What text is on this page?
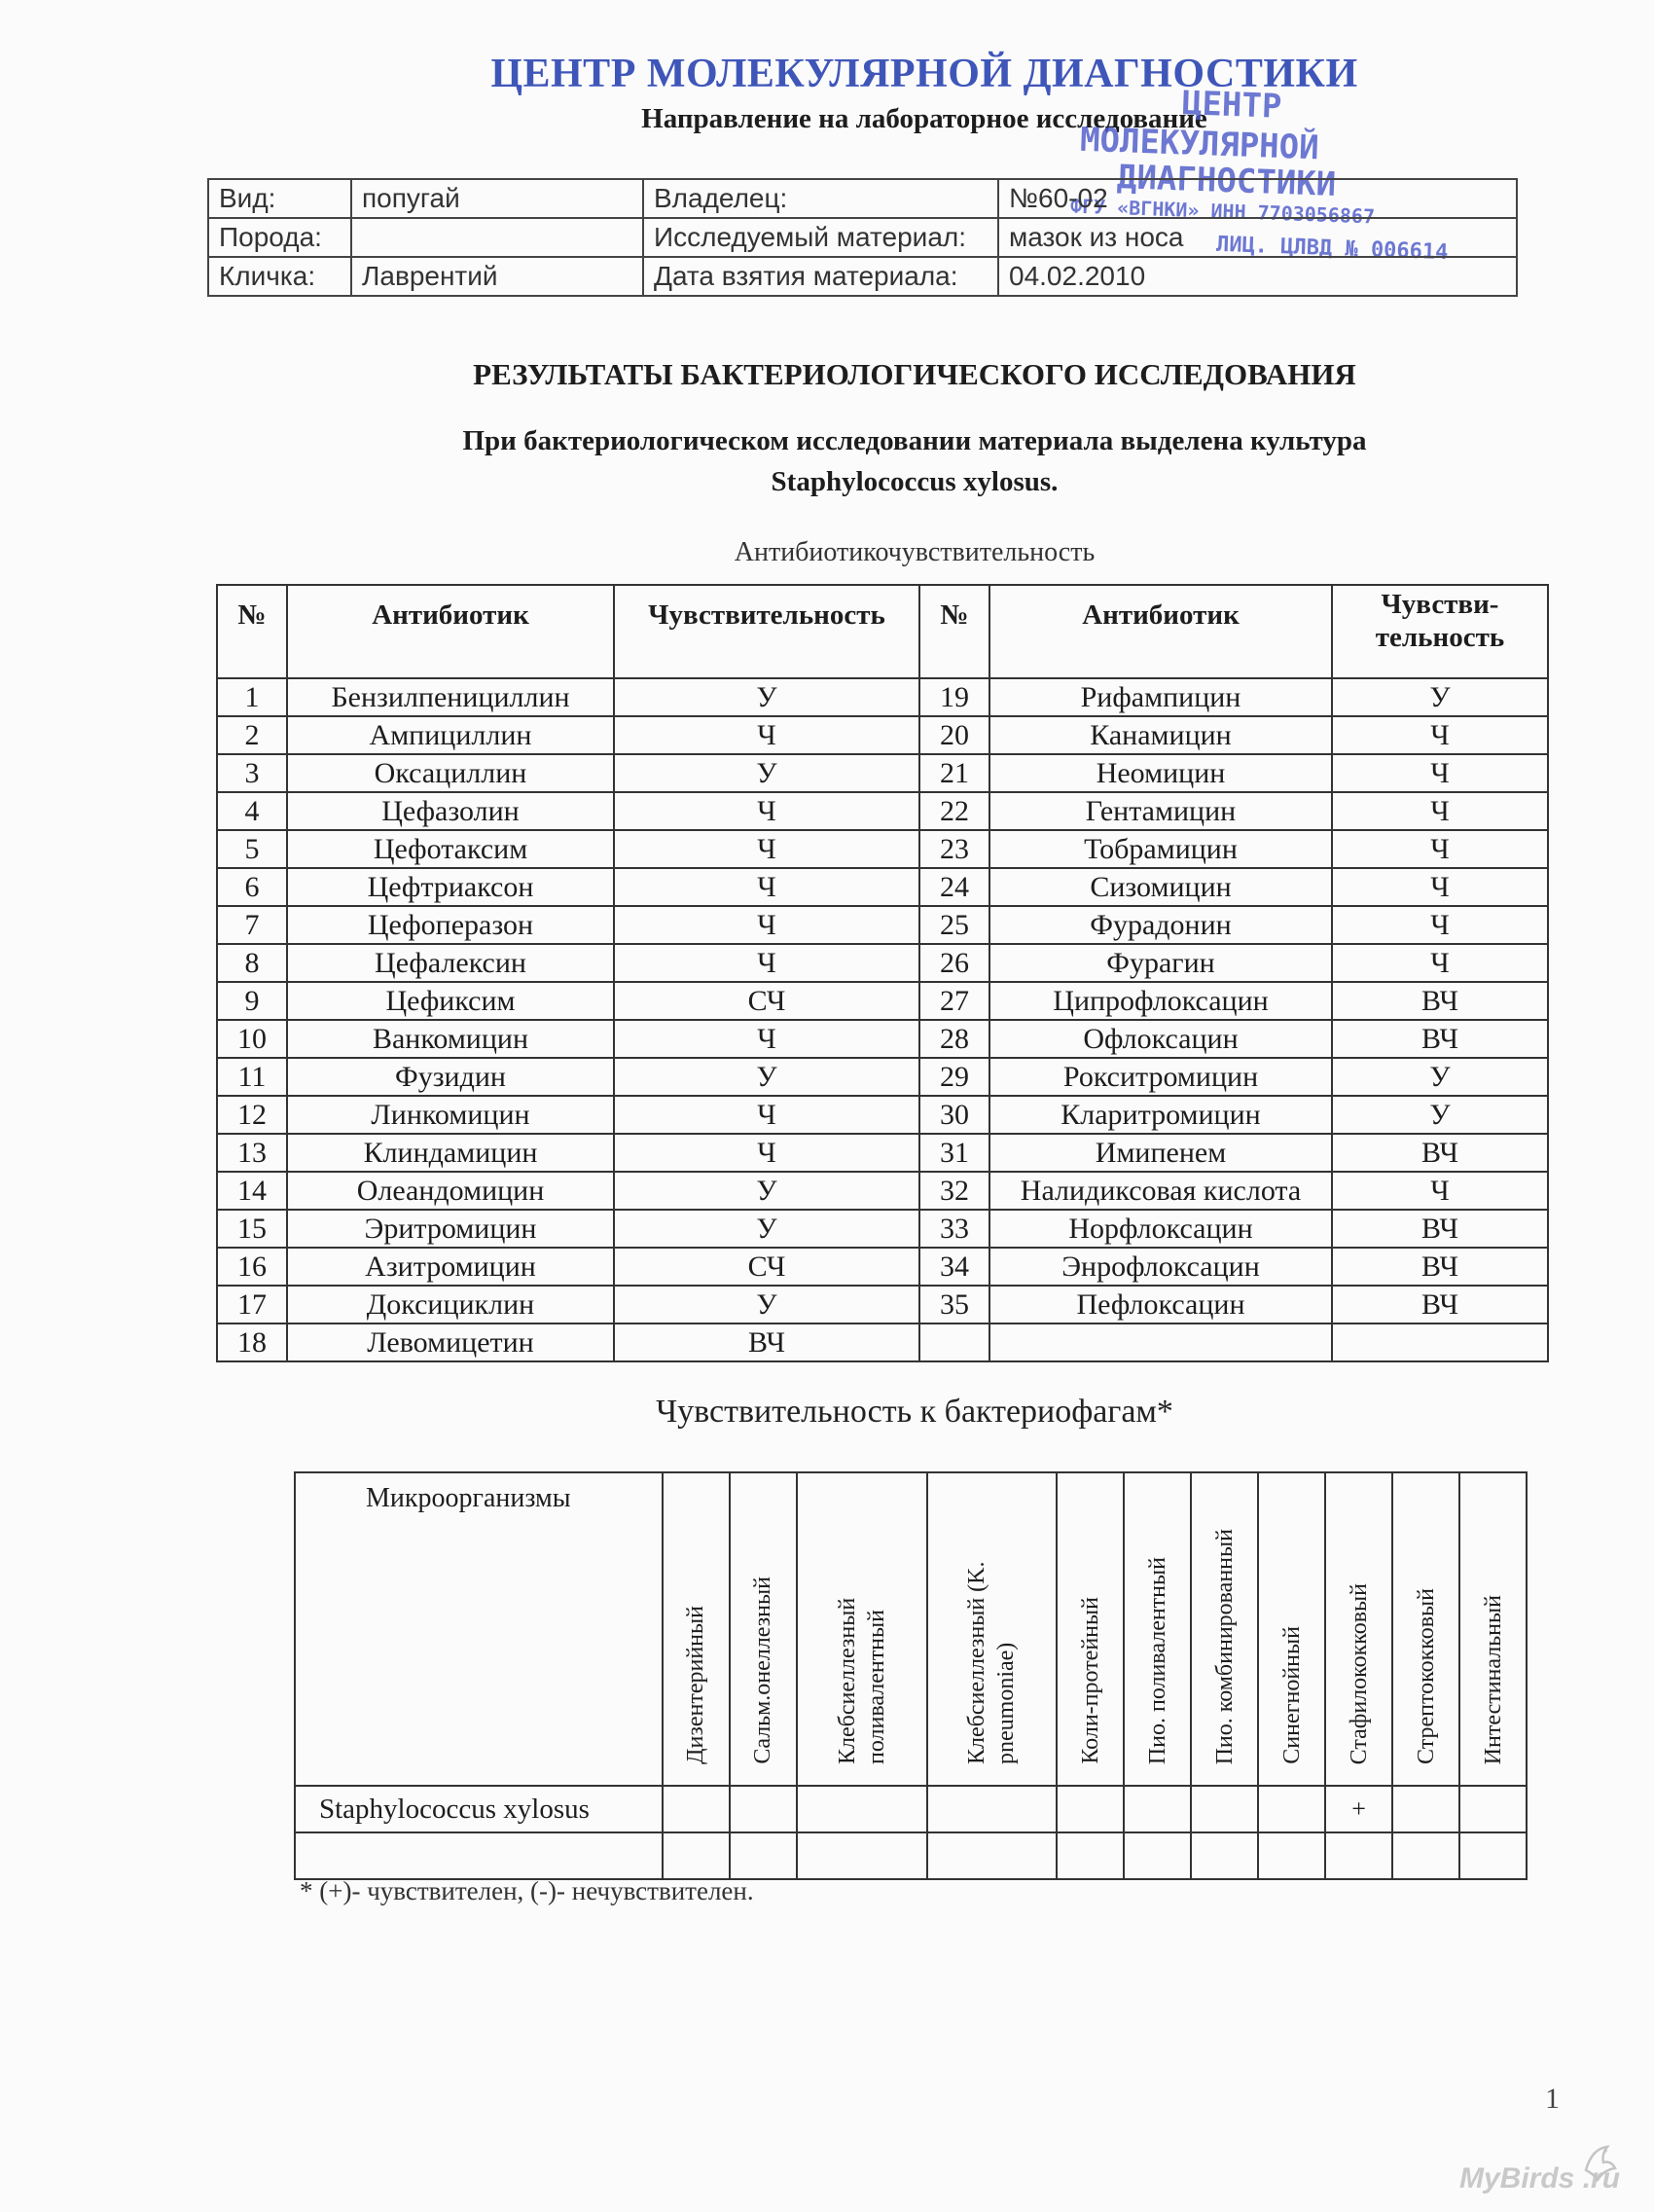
ЦЕНТР МОЛЕКУЛЯРНОЙ ДИАГНОСТИКИ
Направление на лабораторное исследование
ЦЕНТР
МОЛЕКУЛЯРНОЙ
ДИАГНОСТИКИ
ФГУ «ВГНКИ» ИНН 7703056867
ЛИЦ. ЦЛВД № 006614
Вид:	попугай	Владелец:	№60-02
Порода:		Исследуемый материал:	мазок из носа
Кличка:	Лаврентий	Дата взятия материала:	04.02.2010
РЕЗУЛЬТАТЫ БАКТЕРИОЛОГИЧЕСКОГО ИССЛЕДОВАНИЯ
При бактериологическом исследовании материала выделена культура
Staphylococcus xylosus.
Антибиотикочувствительность
№	Антибиотик	Чувствительность	№	Антибиотик	Чувстви-
тельность
1	Бензилпенициллин	У	19	Рифампицин	У
2	Ампициллин	Ч	20	Канамицин	Ч
3	Оксациллин	У	21	Неомицин	Ч
4	Цефазолин	Ч	22	Гентамицин	Ч
5	Цефотаксим	Ч	23	Тобрамицин	Ч
6	Цефтриаксон	Ч	24	Сизомицин	Ч
7	Цефоперазон	Ч	25	Фурадонин	Ч
8	Цефалексин	Ч	26	Фурагин	Ч
9	Цефиксим	СЧ	27	Ципрофлоксацин	ВЧ
10	Ванкомицин	Ч	28	Офлоксацин	ВЧ
11	Фузидин	У	29	Рокситромицин	У
12	Линкомицин	Ч	30	Кларитромицин	У
13	Клиндамицин	Ч	31	Имипенем	ВЧ
14	Олеандомицин	У	32	Налидиксовая кислота	Ч
15	Эритромицин	У	33	Норфлоксацин	ВЧ
16	Азитромицин	СЧ	34	Энрофлоксацин	ВЧ
17	Доксициклин	У	35	Пефлоксацин	ВЧ
18	Левомицетин	ВЧ			
Чувствительность к бактериофагам*
Микроорганизмы	Дизентерийный	Сальм.онеллезный	Клебсиеллезный поливалентный	Клебсиеллезный (K. pneumoniae)	Коли-протейный	Пио. поливалентный	Пио. комбинированный	Синегнойный	Стафилококковый	Стрептококковый	Интестинальный
Staphylococcus xylosus									+		

* (+)- чувствителен, (-)- нечувствителен.
1
MyBirds .ru
